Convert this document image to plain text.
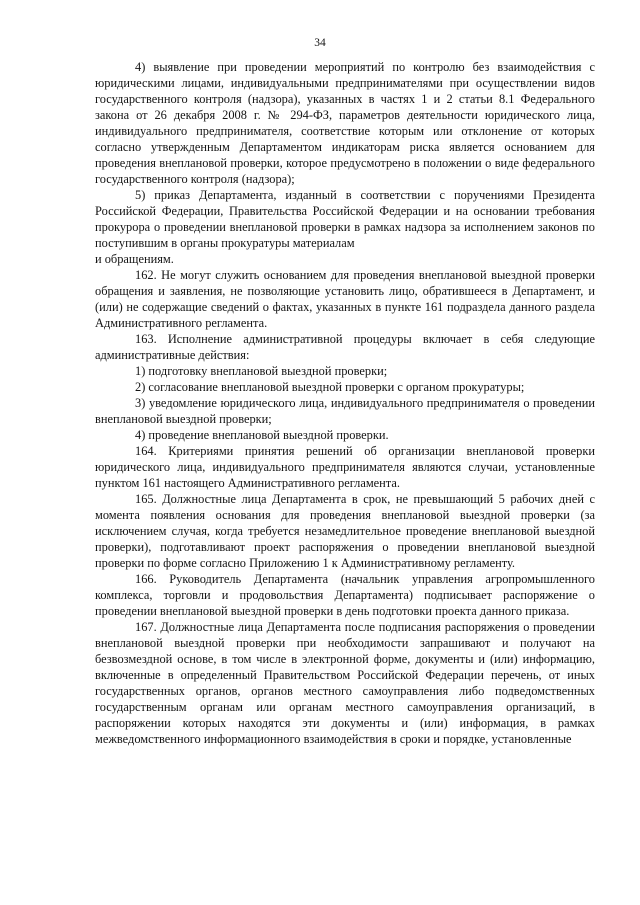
34

4) выявление при проведении мероприятий по контролю без взаимодействия с юридическими лицами, индивидуальными предпринимателями при осуществлении видов государственного контроля (надзора), указанных в частях 1 и 2 статьи 8.1 Федерального закона от 26 декабря 2008 г. № 294-ФЗ, параметров деятельности юридического лица, индивидуального предпринимателя, соответствие которым или отклонение от которых согласно утвержденным Департаментом индикаторам риска является основанием для проведения внеплановой проверки, которое предусмотрено в положении о виде федерального государственного контроля (надзора);

5) приказ Департамента, изданный в соответствии с поручениями Президента Российской Федерации, Правительства Российской Федерации и на основании требования прокурора о проведении внеплановой проверки в рамках надзора за исполнением законов по поступившим в органы прокуратуры материалам

и обращениям.

162. Не могут служить основанием для проведения внеплановой выездной проверки обращения и заявления, не позволяющие установить лицо, обратившееся в Департамент, и (или) не содержащие сведений о фактах, указанных в пункте 161 подраздела данного раздела Административного регламента.

163. Исполнение административной процедуры включает в себя следующие административные действия:

1) подготовку внеплановой выездной проверки;

2) согласование внеплановой выездной проверки с органом прокуратуры;

3) уведомление юридического лица, индивидуального предпринимателя о проведении внеплановой выездной проверки;

4) проведение внеплановой выездной проверки.

164. Критериями принятия решений об организации внеплановой проверки юридического лица, индивидуального предпринимателя являются случаи, установленные пунктом 161 настоящего Административного регламента.

165. Должностные лица Департамента в срок, не превышающий 5 рабочих дней с момента появления основания для проведения внеплановой выездной проверки (за исключением случая, когда требуется незамедлительное проведение внеплановой выездной проверки), подготавливают проект распоряжения о проведении внеплановой выездной проверки по форме согласно Приложению 1 к Административному регламенту.

166. Руководитель Департамента (начальник управления агропромышленного комплекса, торговли и продовольствия Департамента) подписывает распоряжение о проведении внеплановой выездной проверки в день подготовки проекта данного приказа.

167. Должностные лица Департамента после подписания распоряжения о проведении внеплановой выездной проверки при необходимости запрашивают и получают на безвозмездной основе, в том числе в электронной форме, документы и (или) информацию, включенные в определенный Правительством Российской Федерации перечень, от иных государственных органов, органов местного самоуправления либо подведомственных государственным органам или органам местного самоуправления организаций, в распоряжении которых находятся эти документы и (или) информация, в рамках межведомственного информационного взаимодействия в сроки и порядке, установленные
